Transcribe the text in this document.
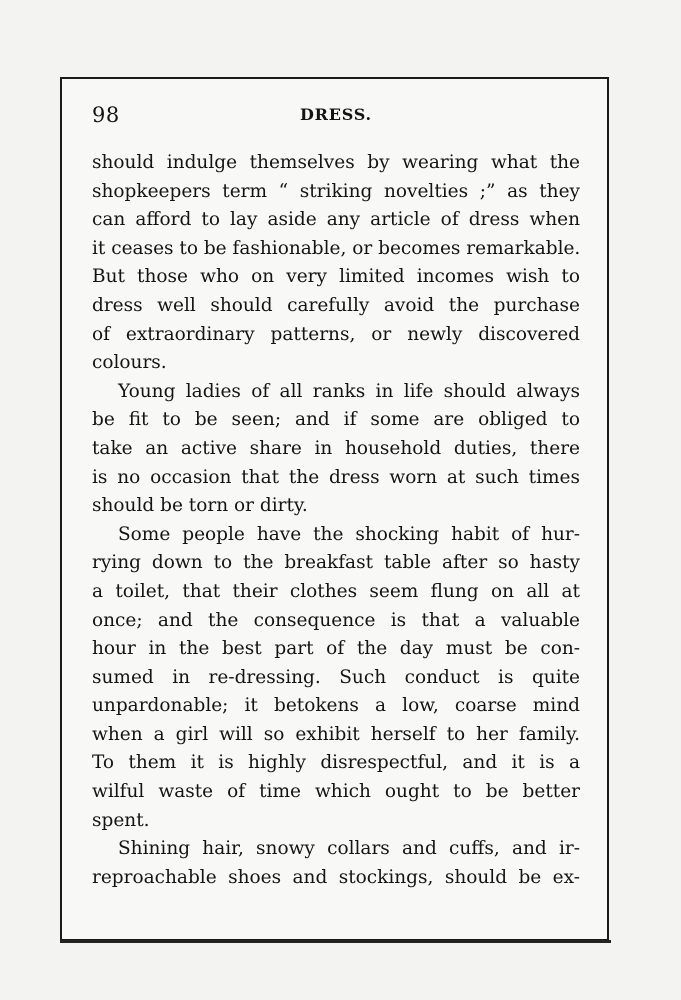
98	DRESS.
should indulge themselves by wearing what the
shopkeepers term “ striking novelties ;” as they
can afford to lay aside any article of dress when
it ceases to be fashionable, or becomes remarkable.
But those who on very limited incomes wish to
dress well should carefully avoid the purchase
of extraordinary patterns, or newly discovered
colours.
Young ladies of all ranks in life should always
be fit to be seen; and if some are obliged to
take an active share in household duties, there
is no occasion that the dress worn at such times
should be torn or dirty.
Some people have the shocking habit of hur-
rying down to the breakfast table after so hasty
a toilet, that their clothes seem flung on all at
once; and the consequence is that a valuable
hour in the best part of the day must be con-
sumed in re-dressing. Such conduct is quite
unpardonable; it betokens a low, coarse mind
when a girl will so exhibit herself to her family.
To them it is highly disrespectful, and it is a
wilful waste of time which ought to be better
spent.
Shining hair, snowy collars and cuffs, and ir-
reproachable shoes and stockings, should be ex-
